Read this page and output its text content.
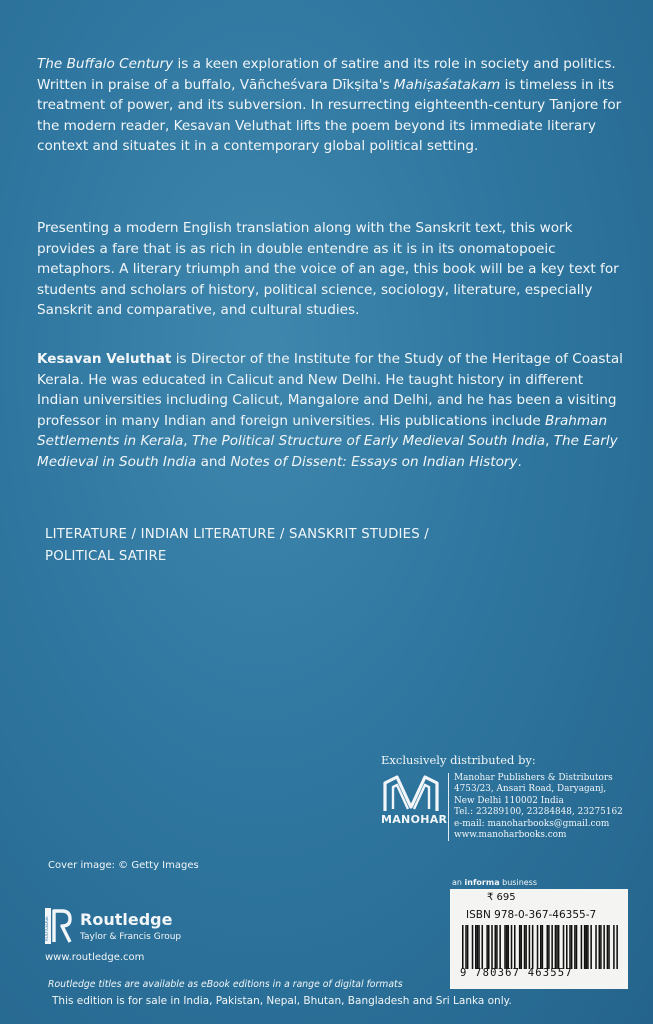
The Buffalo Century is a keen exploration of satire and its role in society and politics. Written in praise of a buffalo, Vāñcheśvara Dīkṣita's Mahiṣaśatakam is timeless in its treatment of power, and its subversion. In resurrecting eighteenth-century Tanjore for the modern reader, Kesavan Veluthat lifts the poem beyond its immediate literary context and situates it in a contemporary global political setting.

Presenting a modern English translation along with the Sanskrit text, this work provides a fare that is as rich in double entendre as it is in its onomatopoeic metaphors. A literary triumph and the voice of an age, this book will be a key text for students and scholars of history, political science, sociology, literature, especially Sanskrit and comparative, and cultural studies.

Kesavan Veluthat is Director of the Institute for the Study of the Heritage of Coastal Kerala. He was educated in Calicut and New Delhi. He taught history in different Indian universities including Calicut, Mangalore and Delhi, and he has been a visiting professor in many Indian and foreign universities. His publications include Brahman Settlements in Kerala, The Political Structure of Early Medieval South India, The Early Medieval in South India and Notes of Dissent: Essays on Indian History.

LITERATURE / INDIAN LITERATURE / SANSKRIT STUDIES /
POLITICAL SATIRE
Exclusively distributed by:
MANOHAR
Manohar Publishers & Distributors
4753/23, Ansari Road, Daryaganj,
New Delhi 110002 India
Tel.: 23289100, 23284848, 23275162
e-mail: manoharbooks@gmail.com
www.manoharbooks.com
Cover image: © Getty Images
ROUTLEDGE Routledge
Taylor & Francis Group
www.routledge.com
an informa business
₹ 695
ISBN 978-0-367-46355-7
9 780367 463557
Routledge titles are available as eBook editions in a range of digital formats
This edition is for sale in India, Pakistan, Nepal, Bhutan, Bangladesh and Sri Lanka only.
